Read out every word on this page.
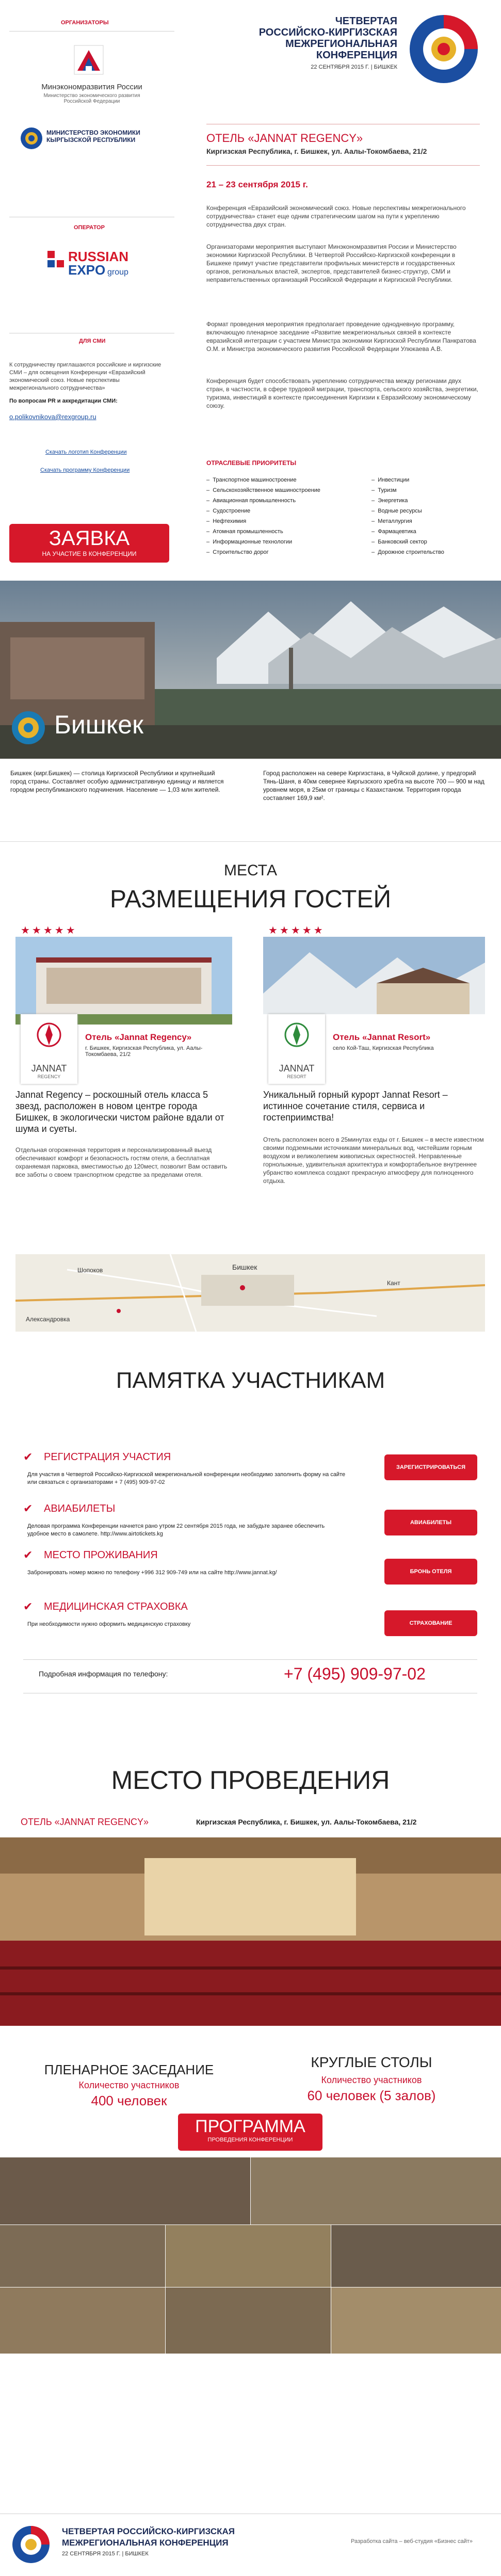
ОРГАНИЗАТОРЫ
Минэкономразвития России
Министерство экономического развития Российской Федерации
МИНИСТЕРСТВО ЭКОНОМИКИ КЫРГЫЗСКОЙ РЕСПУБЛИКИ
ОПЕРАТОР
RUSSIAN
EXPO group
ДЛЯ СМИ
К сотрудничеству приглашаются российские и киргизские СМИ – для освещения Конференции «Евразийский экономический союз. Новые перспективы межрегионального сотрудничества»
По вопросам PR и аккредитации СМИ:
o.polikovnikova@rexgroup.ru
Скачать логотип Конференции
Скачать программу Конференции
ЗАЯВКА
НА УЧАСТИЕ В КОНФЕРЕНЦИИ
ЧЕТВЕРТАЯ
РОССИЙСКО-КИРГИЗСКАЯ
МЕЖРЕГИОНАЛЬНАЯ
КОНФЕРЕНЦИЯ
22 СЕНТЯБРЯ 2015 Г. | БИШКЕК
ОТЕЛЬ «JANNAT REGENCY»
Киргизская Республика, г. Бишкек, ул. Аалы-Токомбаева, 21/2
21 – 23 сентября 2015 г.
Конференция «Евразийский экономический союз. Новые перспективы межрегионального сотрудничества» станет еще одним стратегическим шагом на пути к укреплению сотрудничества двух стран.
Организаторами мероприятия выступают Минэкономразвития России и Министерство экономики Киргизской Республики. В Четвертой Российско-Киргизской конференции в Бишкеке примут участие представители профильных министерств и государственных органов, региональных властей, экспертов, представителей бизнес-структур, СМИ и неправительственных организаций Российской Федерации и Киргизской Республики.
Формат проведения мероприятия предполагает проведение однодневную программу, включающую пленарное заседание «Развитие межрегиональных связей в контексте евразийской интеграции с участием Министра экономики Киргизской Республики Панкратова О.М. и Министра экономического развития Российской Федерации Улюкаева А.В.
Конференция будет способствовать укреплению сотрудничества между регионами двух стран, в частности, в сфере трудовой миграции, транспорта, сельского хозяйства, энергетики, туризма, инвестиций в контексте присоединения Киргизии к Евразийскому экономическому союзу.
ОТРАСЛЕВЫЕ ПРИОРИТЕТЫ
–  Транспортное машиностроение
–  Сельскохозяйственное машиностроение
–  Авиационная промышленность
–  Судостроение
–  Нефтехимия
–  Атомная промышленность
–  Информационные технологии
–  Строительство дорог
–  Инвестиции
–  Туризм
–  Энергетика
–  Водные ресурсы
–  Металлургия
–  Фармацевтика
–  Банковский сектор
–  Дорожное строительство
Бишкек
Бишкек (кирг.Бишкек) — столица Киргизской Республики и крупнейший город страны. Составляет особую административную единицу и является городом республиканского подчинения. Население — 1,03 млн жителей.
Город расположен на севере Киргизстана, в Чуйской долине, у предгорий Тянь-Шаня, в 40км севернее Киргызского хребта на высоте 700 — 900 м над уровнем моря, в 25км от границы с Казахстаном. Территория города составляет 169,9 км².
МЕСТА
РАЗМЕЩЕНИЯ ГОСТЕЙ
★★★★★
JANNAT
REGENCY
Отель «Jannat Regency»
г. Бишкек, Киргизская Республика, ул. Аалы-Токомбаева, 21/2
Jannat Regency – роскошный отель класса 5 звезд, расположен в новом центре города Бишкек, в экологически чистом районе вдали от шума и суеты.
Отдельная огороженная территория и персонализированный выезд обеспечивают комфорт и безопасность гостям отеля, а бесплатная охраняемая парковка, вместимостью до 120мест, позволит Вам оставить все заботы о своем транспортном средстве за пределами отеля.
★★★★★
JANNAT
RESORT
Отель «Jannat Resort»
село Кой-Таш, Киргизская Республика
Уникальный горный курорт Jannat Resort – истинное сочетание стиля, сервиса и гостеприимства!
Отель расположен всего в 25минутах езды от г. Бишкек – в месте известном своими подземными источниками минеральных вод, чистейшим горным воздухом и великолепием живописных окрестностей. Неправленные горнолыжные, удивительная архитектура и комфортабельное внутреннее убранство комплекса создают прекрасную атмосферу для полноценного отдыха.
Бишкек
Кант
Шопоков
Александровка
ПАМЯТКА УЧАСТНИКАМ
✔ РЕГИСТРАЦИЯ УЧАСТИЯ
Для участия в Четвертой Российско-Киргизской межрегиональной конференции необходимо заполнить форму на сайте или связаться с организаторами + 7 (495) 909-97-02
ЗАРЕГИСТРИРОВАТЬСЯ
✔ АВИАБИЛЕТЫ
Деловая программа Конференции начнется рано утром 22 сентября 2015 года, не забудьте заранее обеспечить удобное место в самолете. http://www.airtotickets.kg
АВИАБИЛЕТЫ
✔ МЕСТО ПРОЖИВАНИЯ
Забронировать номер можно по телефону +996 312 909-749 или на сайте http://www.jannat.kg/	БРОНЬ ОТЕЛЯ
✔ МЕДИЦИНСКАЯ СТРАХОВКА
При необходимости нужно оформить медицинскую страховку	СТРАХОВАНИЕ
Подробная информация по телефону:	+7 (495) 909-97-02
МЕСТО ПРОВЕДЕНИЯ
ОТЕЛЬ «JANNAT REGENCY»	Киргизская Республика, г. Бишкек, ул. Аалы-Токомбаева, 21/2
ПЛЕНАРНОЕ ЗАСЕДАНИЕ
Количество участников
400 человек
КРУГЛЫЕ СТОЛЫ
Количество участников
60 человек (5 залов)
ПРОГРАММА
ПРОВЕДЕНИЯ КОНФЕРЕНЦИИ
ЧЕТВЕРТАЯ РОССИЙСКО-КИРГИЗСКАЯ
МЕЖРЕГИОНАЛЬНАЯ КОНФЕРЕНЦИЯ
22 СЕНТЯБРЯ 2015 Г. | БИШКЕК
Разработка сайта – веб-студия «Бизнес сайт»
